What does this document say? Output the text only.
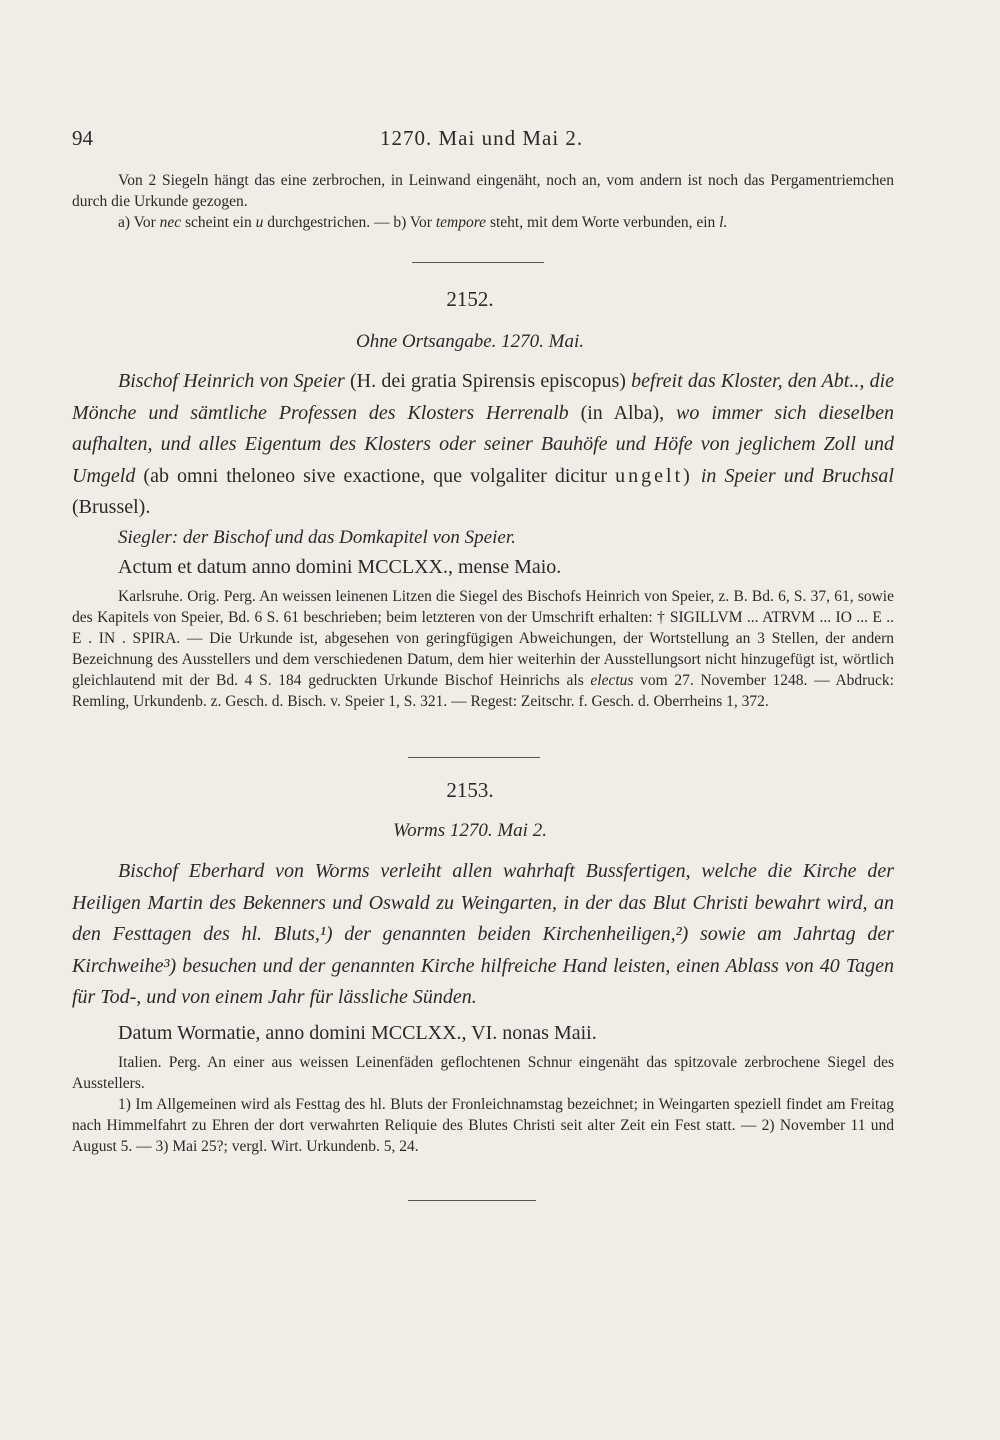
94	1270. Mai und Mai 2.

Von 2 Siegeln hängt das eine zerbrochen, in Leinwand eingenäht, noch an, vom andern ist noch das Pergamentriemchen durch die Urkunde gezogen.

a) Vor nec scheint ein u durchgestrichen. — b) Vor tempore steht, mit dem Worte verbunden, ein l.

2152.
Ohne Ortsangabe. 1270. Mai.

Bischof Heinrich von Speier (H. dei gratia Spirensis episcopus) befreit das Kloster, den Abt.., die Mönche und sämtliche Professen des Klosters Herrenalb (in Alba), wo immer sich dieselben aufhalten, und alles Eigentum des Klosters oder seiner Bauhöfe und Höfe von jeglichem Zoll und Umgeld (ab omni theloneo sive exactione, que volgaliter dicitur ungelt) in Speier und Bruchsal (Brussel).

Siegler: der Bischof und das Domkapitel von Speier.

Actum et datum anno domini MCCLXX., mense Maio.

Karlsruhe. Orig. Perg. An weissen leinenen Litzen die Siegel des Bischofs Heinrich von Speier, z. B. Bd. 6, S. 37, 61, sowie des Kapitels von Speier, Bd. 6 S. 61 beschrieben; beim letzteren von der Umschrift erhalten: † SIGILLVM ... ATRVM ... IO ... E .. E . IN . SPIRA. — Die Urkunde ist, abgesehen von geringfügigen Abweichungen, der Wortstellung an 3 Stellen, der andern Bezeichnung des Ausstellers und dem verschiedenen Datum, dem hier weiterhin der Ausstellungsort nicht hinzugefügt ist, wörtlich gleichlautend mit der Bd. 4 S. 184 gedruckten Urkunde Bischof Heinrichs als electus vom 27. November 1248. — Abdruck: Remling, Urkundenb. z. Gesch. d. Bisch. v. Speier 1, S. 321. — Regest: Zeitschr. f. Gesch. d. Oberrheins 1, 372.

2153.
Worms 1270. Mai 2.

Bischof Eberhard von Worms verleiht allen wahrhaft Bussfertigen, welche die Kirche der Heiligen Martin des Bekenners und Oswald zu Weingarten, in der das Blut Christi bewahrt wird, an den Festtagen des hl. Bluts,¹) der genannten beiden Kirchenheiligen,²) sowie am Jahrtag der Kirchweihe³) besuchen und der genannten Kirche hilfreiche Hand leisten, einen Ablass von 40 Tagen für Tod-, und von einem Jahr für lässliche Sünden.

Datum Wormatie, anno domini MCCLXX., VI. nonas Maii.

Italien. Perg. An einer aus weissen Leinenfäden geflochtenen Schnur eingenäht das spitzovale zerbrochene Siegel des Ausstellers.

1) Im Allgemeinen wird als Festtag des hl. Bluts der Fronleichnamstag bezeichnet; in Weingarten speziell findet am Freitag nach Himmelfahrt zu Ehren der dort verwahrten Reliquie des Blutes Christi seit alter Zeit ein Fest statt. — 2) November 11 und August 5. — 3) Mai 25?; vergl. Wirt. Urkundenb. 5, 24.
